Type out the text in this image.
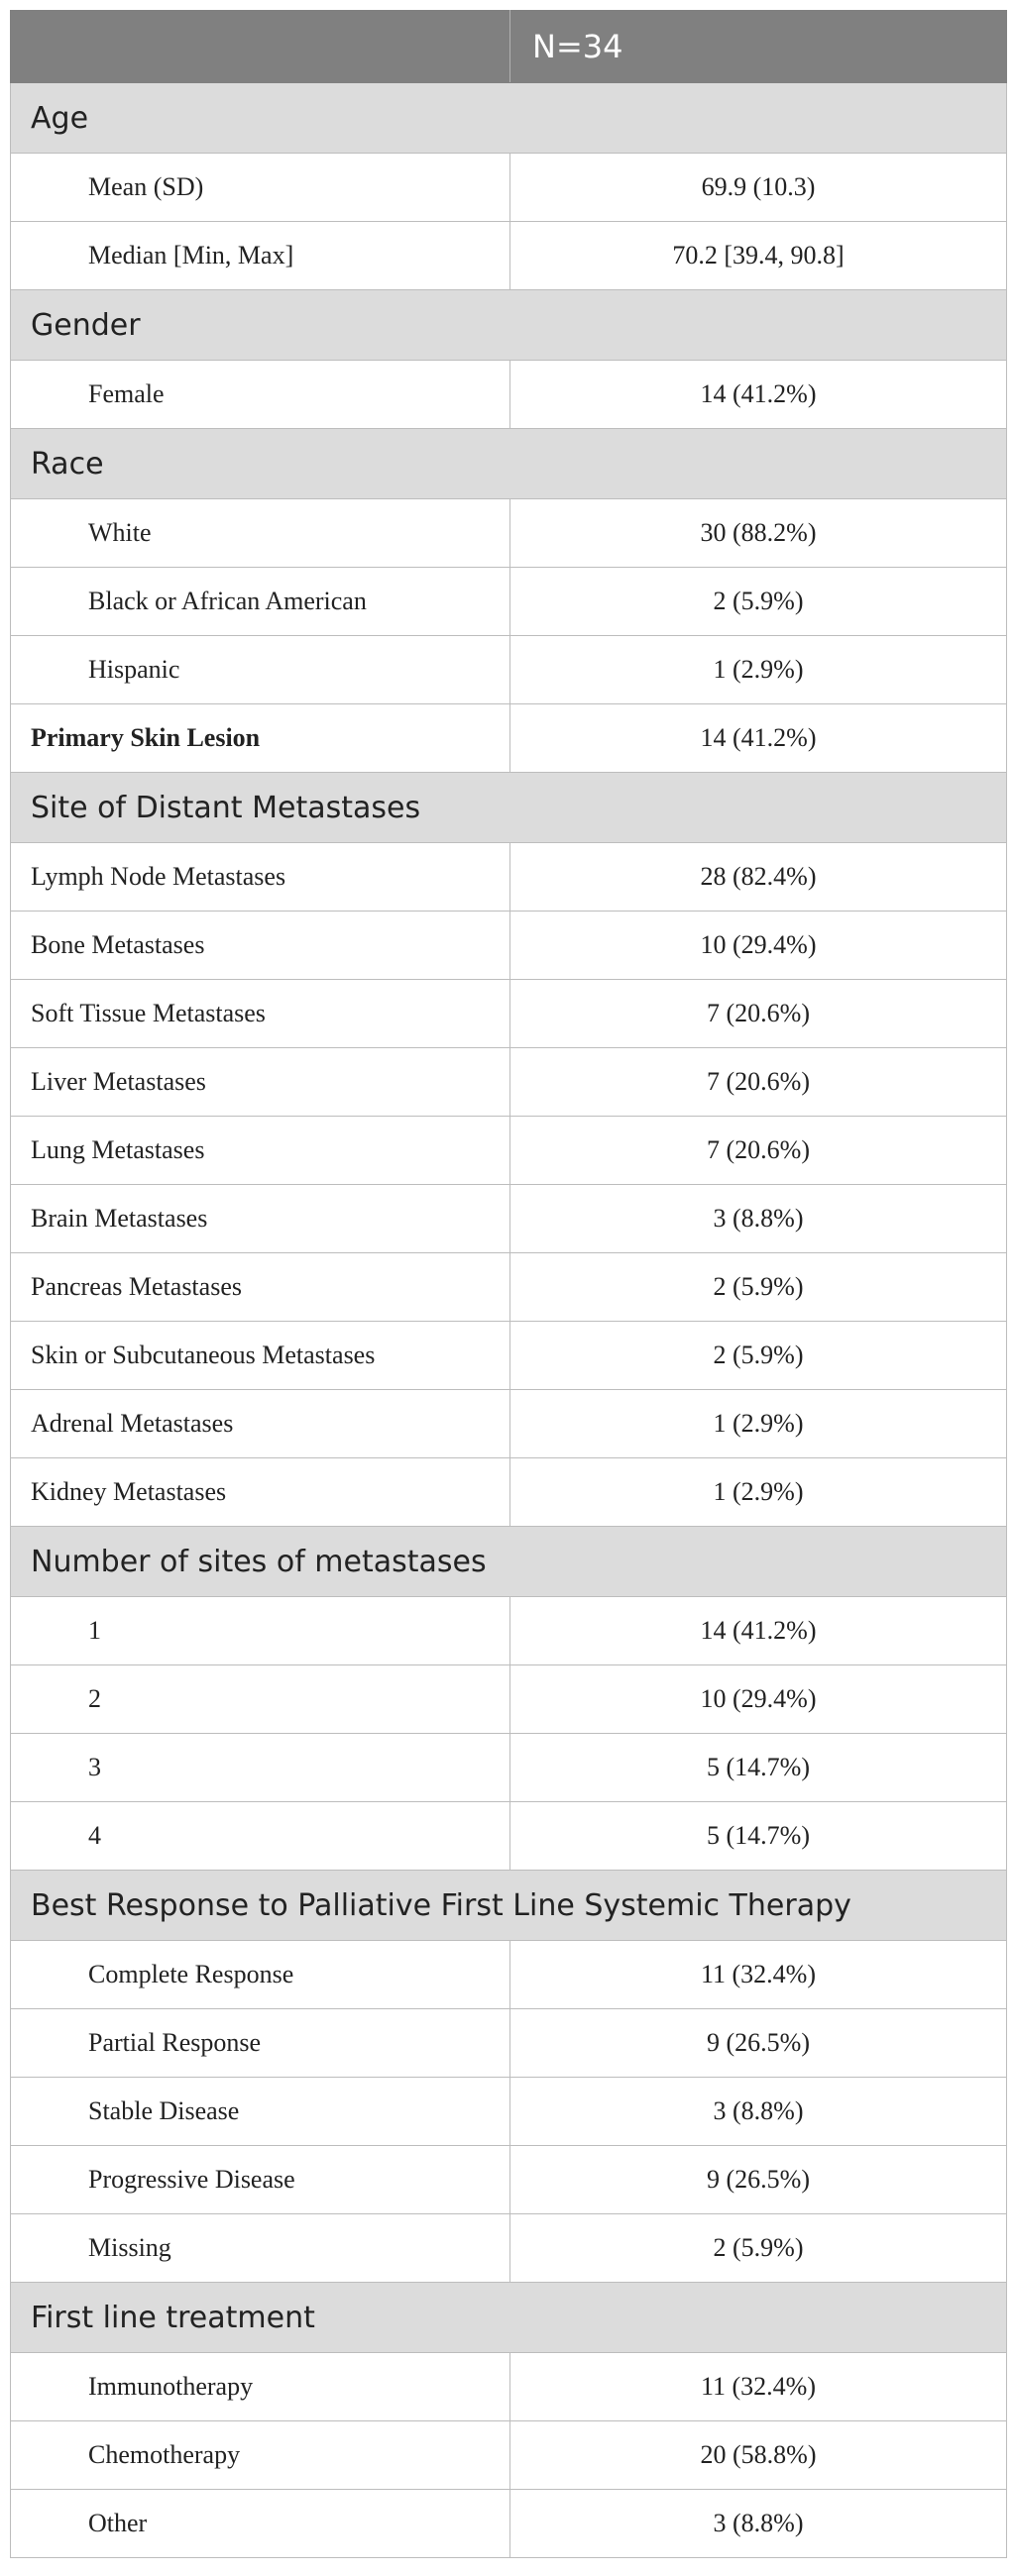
	N=34
Age	
Mean (SD)	69.9 (10.3)
Median [Min, Max]	70.2 [39.4, 90.8]
Gender	
Female	14 (41.2%)
Race	
White	30 (88.2%)
Black or African American	2 (5.9%)
Hispanic	1 (2.9%)
Primary Skin Lesion	14 (41.2%)
Site of Distant Metastases	
Lymph Node Metastases	28 (82.4%)
Bone Metastases	10 (29.4%)
Soft Tissue Metastases	7 (20.6%)
Liver Metastases	7 (20.6%)
Lung Metastases	7 (20.6%)
Brain Metastases	3 (8.8%)
Pancreas Metastases	2 (5.9%)
Skin or Subcutaneous Metastases	2 (5.9%)
Adrenal Metastases	1 (2.9%)
Kidney Metastases	1 (2.9%)
Number of sites of metastases	
1	14 (41.2%)
2	10 (29.4%)
3	5 (14.7%)
4	5 (14.7%)
Best Response to Palliative First Line Systemic Therapy	
Complete Response	11 (32.4%)
Partial Response	9 (26.5%)
Stable Disease	3 (8.8%)
Progressive Disease	9 (26.5%)
Missing	2 (5.9%)
First line treatment	
Immunotherapy	11 (32.4%)
Chemotherapy	20 (58.8%)
Other	3 (8.8%)
